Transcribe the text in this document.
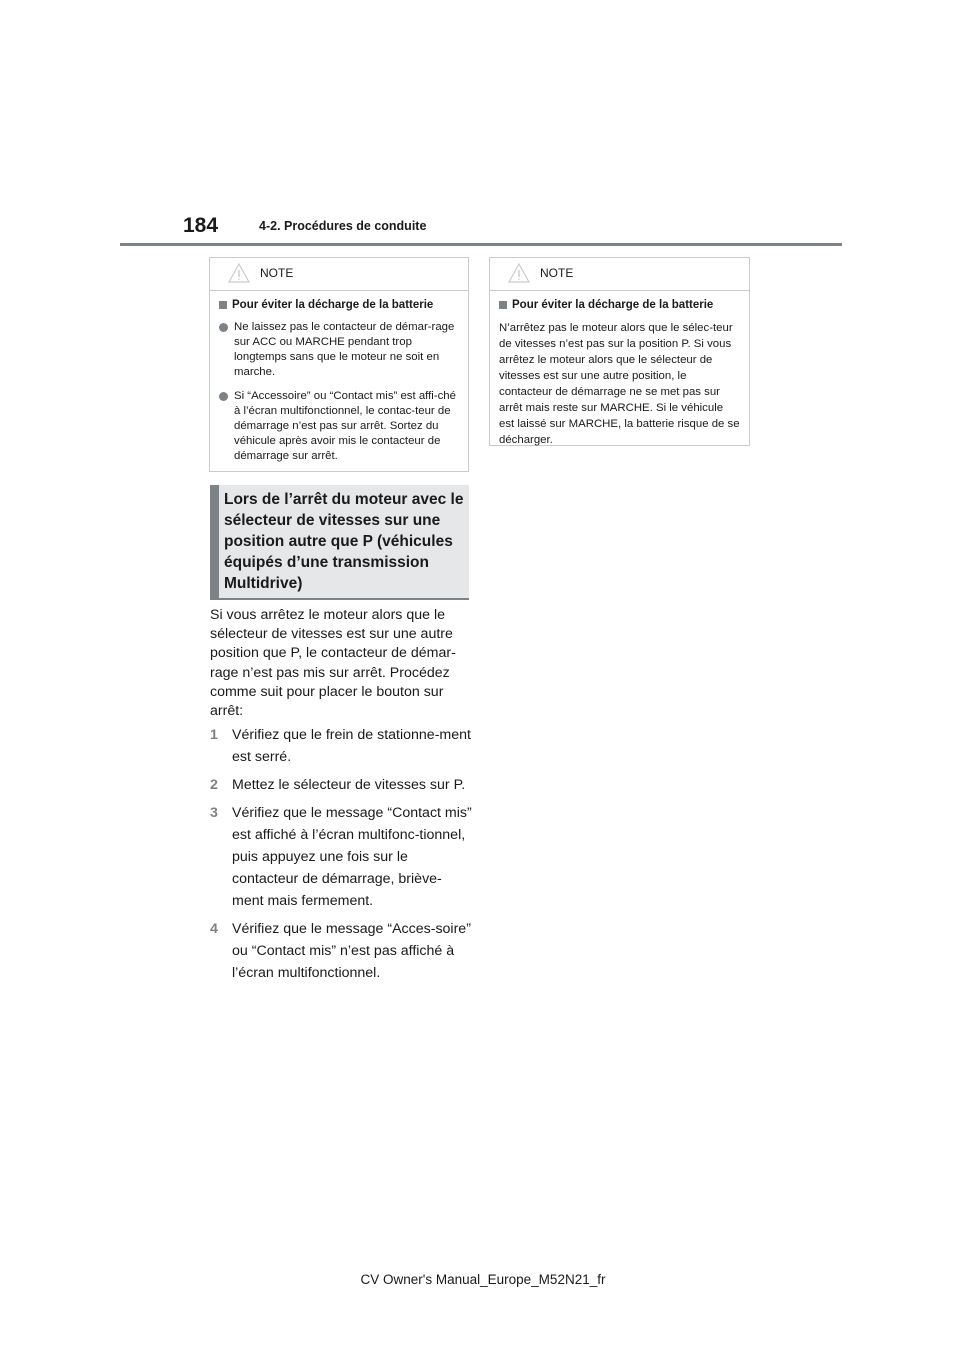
184	4-2. Procédures de conduite
NOTE
Pour éviter la décharge de la batterie
Ne laissez pas le contacteur de démar-rage sur ACC ou MARCHE pendant trop longtemps sans que le moteur ne soit en marche.
Si “Accessoire” ou “Contact mis” est affi-ché à l’écran multifonctionnel, le contac-teur de démarrage n’est pas sur arrêt. Sortez du véhicule après avoir mis le contacteur de démarrage sur arrêt.
NOTE
Pour éviter la décharge de la batterie
N’arrêtez pas le moteur alors que le sélec-teur de vitesses n’est pas sur la position P. Si vous arrêtez le moteur alors que le sélecteur de vitesses est sur une autre position, le contacteur de démarrage ne se met pas sur arrêt mais reste sur MARCHE. Si le véhicule est laissé sur MARCHE, la batterie risque de se décharger.
Lors de l’arrêt du moteur avec le sélecteur de vitesses sur une position autre que P (véhicules équipés d’une transmission Multidrive)
Si vous arrêtez le moteur alors que le sélecteur de vitesses est sur une autre position que P, le contacteur de démar-rage n’est pas mis sur arrêt. Procédez comme suit pour placer le bouton sur arrêt:
1 Vérifiez que le frein de stationne-ment est serré.
2 Mettez le sélecteur de vitesses sur P.
3 Vérifiez que le message “Contact mis” est affiché à l’écran multifonc-tionnel, puis appuyez une fois sur le contacteur de démarrage, briève-ment mais fermement.
4 Vérifiez que le message “Acces-soire” ou “Contact mis” n’est pas affiché à l’écran multifonctionnel.
CV Owner's Manual_Europe_M52N21_fr
